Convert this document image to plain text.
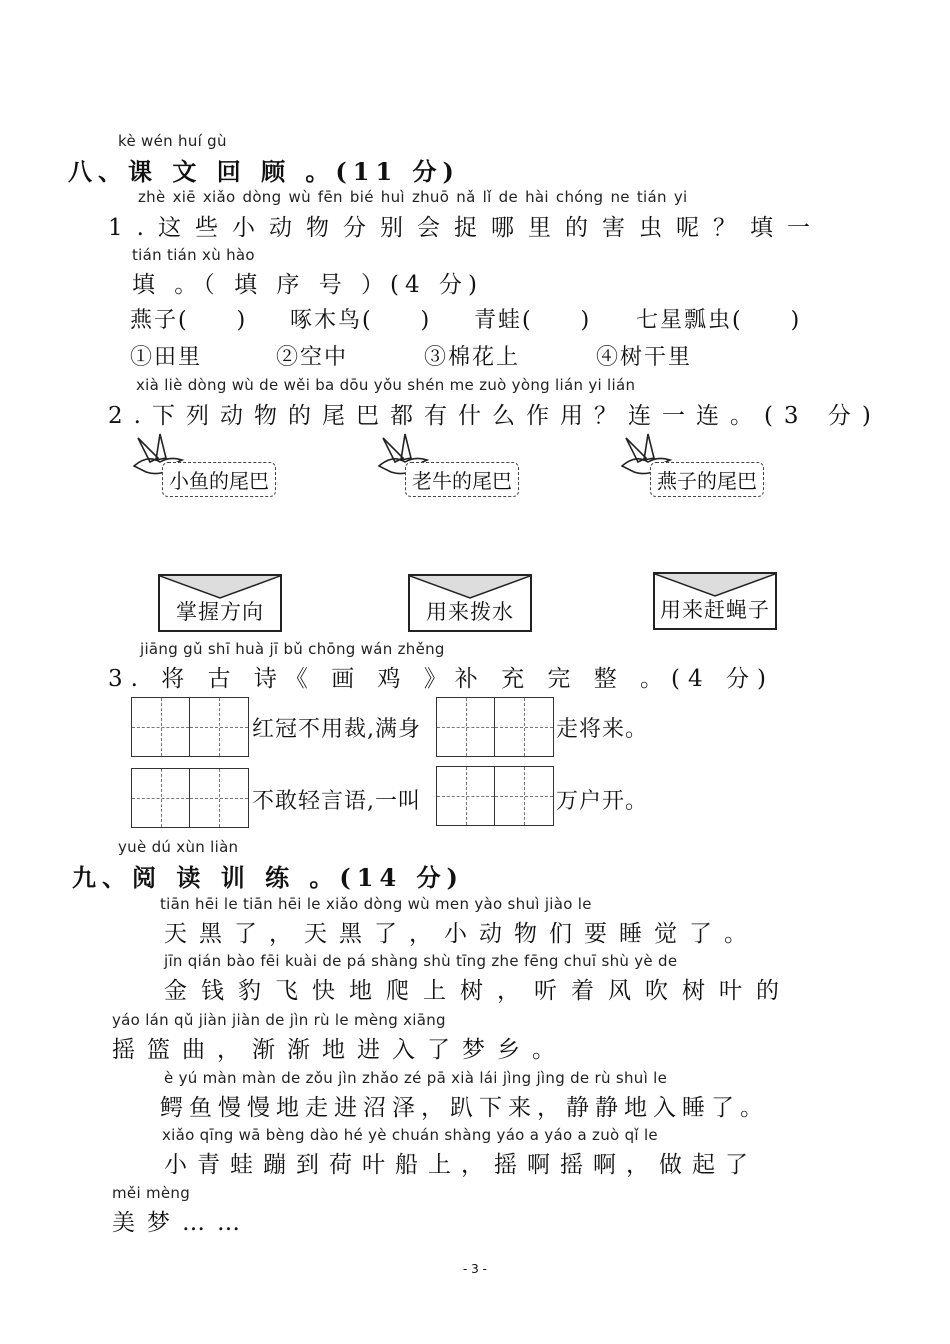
kè wén huí gù
八、课 文 回 顾 。(11 分)
zhè xiē xiǎo dòng wù fēn bié huì zhuō nǎ lǐ de hài chóng ne tián yi
1.这些小动物分别会捉哪里的害虫呢？填一
tián tián xù hào
填 。（ 填 序 号 ）(4 分)
燕子(　　) 啄木鸟(　　) 青蛙(　　) 七星瓢虫(　　)
①田里	②空中	③棉花上	④树干里
xià liè dòng wù de wěi ba dōu yǒu shén me zuò yòng lián yi lián
2.下列动物的尾巴都有什么作用？连一连。(3 分)
小鱼的尾巴	老牛的尾巴	燕子的尾巴
掌握方向	用来拨水	用来赶蝇子
jiāng gǔ shī huà jī bǔ chōng wán zhěng
3. 将 古 诗《 画 鸡 》补 充 完 整 。(4 分)
红冠不用裁,满身	走将来。
不敢轻言语,一叫	万户开。
yuè dú xùn liàn
九、阅 读 训 练 。(14 分)
tiān hēi le tiān hēi le xiǎo dòng wù men yào shuì jiào le
天黑了，天黑了，小动物们要睡觉了。
jīn qián bào fēi kuài de pá shàng shù tīng zhe fēng chuī shù yè de
金钱豹飞快地爬上树，听着风吹树叶的
yáo lán qǔ jiàn jiàn de jìn rù le mèng xiāng
摇篮曲，渐渐地进入了梦乡。
è yú màn màn de zǒu jìn zhǎo zé pā xià lái jìng jìng de rù shuì le
鳄鱼慢慢地走进沼泽，趴下来，静静地入睡了。
xiǎo qīng wā bèng dào hé yè chuán shàng yáo a yáo a zuò qǐ le
小青蛙蹦到荷叶船上，摇啊摇啊，做起了
měi mèng
美梦……
- 3 -
